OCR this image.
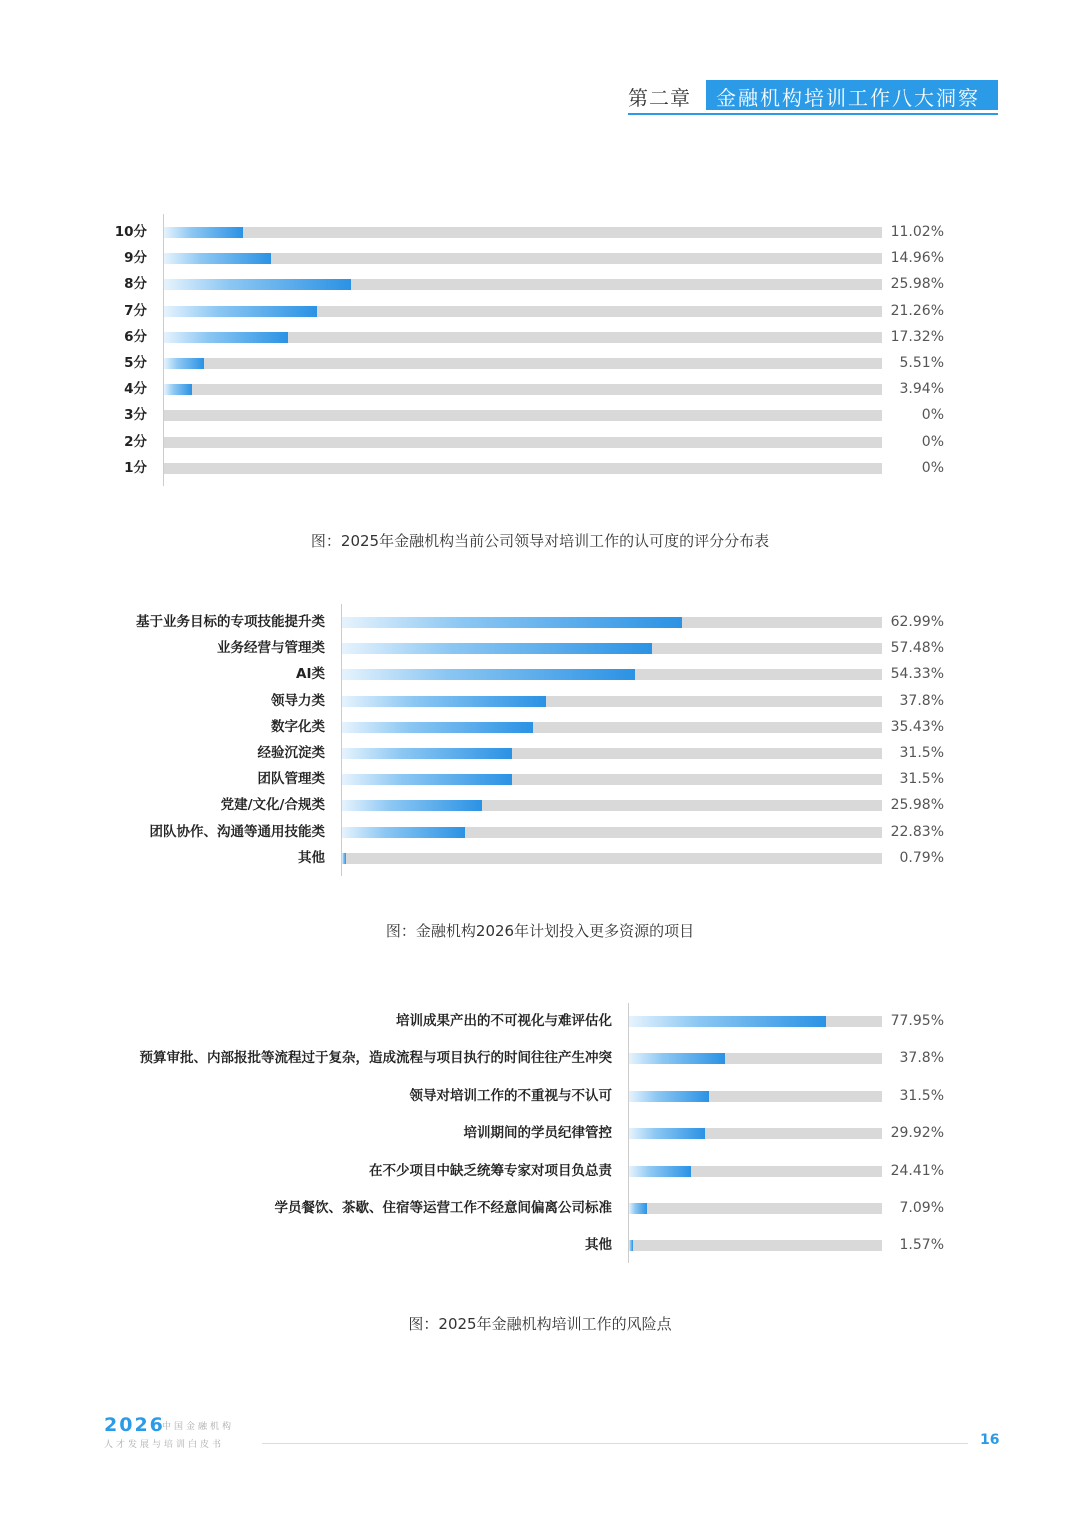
第二章 金融机构培训工作八大洞察
10分	11.02%
9分	14.96%
8分	25.98%
7分	21.26%
6分	17.32%
5分	5.51%
4分	3.94%
3分	0%
2分	0%
1分	0%
图：2025年金融机构当前公司领导对培训工作的认可度的评分分布表
基于业务目标的专项技能提升类	62.99%
业务经营与管理类	57.48%
AI类	54.33%
领导力类	37.8%
数字化类	35.43%
经验沉淀类	31.5%
团队管理类	31.5%
党建/文化/合规类	25.98%
团队协作、沟通等通用技能类	22.83%
其他	0.79%
图：金融机构2026年计划投入更多资源的项目
培训成果产出的不可视化与难评估化	77.95%
预算审批、内部报批等流程过于复杂，造成流程与项目执行的时间往往产生冲突	37.8%
领导对培训工作的不重视与不认可	31.5%
培训期间的学员纪律管控	29.92%
在不少项目中缺乏统筹专家对项目负总责	24.41%
学员餐饮、茶歇、住宿等运营工作不经意间偏离公司标准	7.09%
其他	1.57%
图：2025年金融机构培训工作的风险点
2026
中国金融机构
人才发展与培训白皮书	16
